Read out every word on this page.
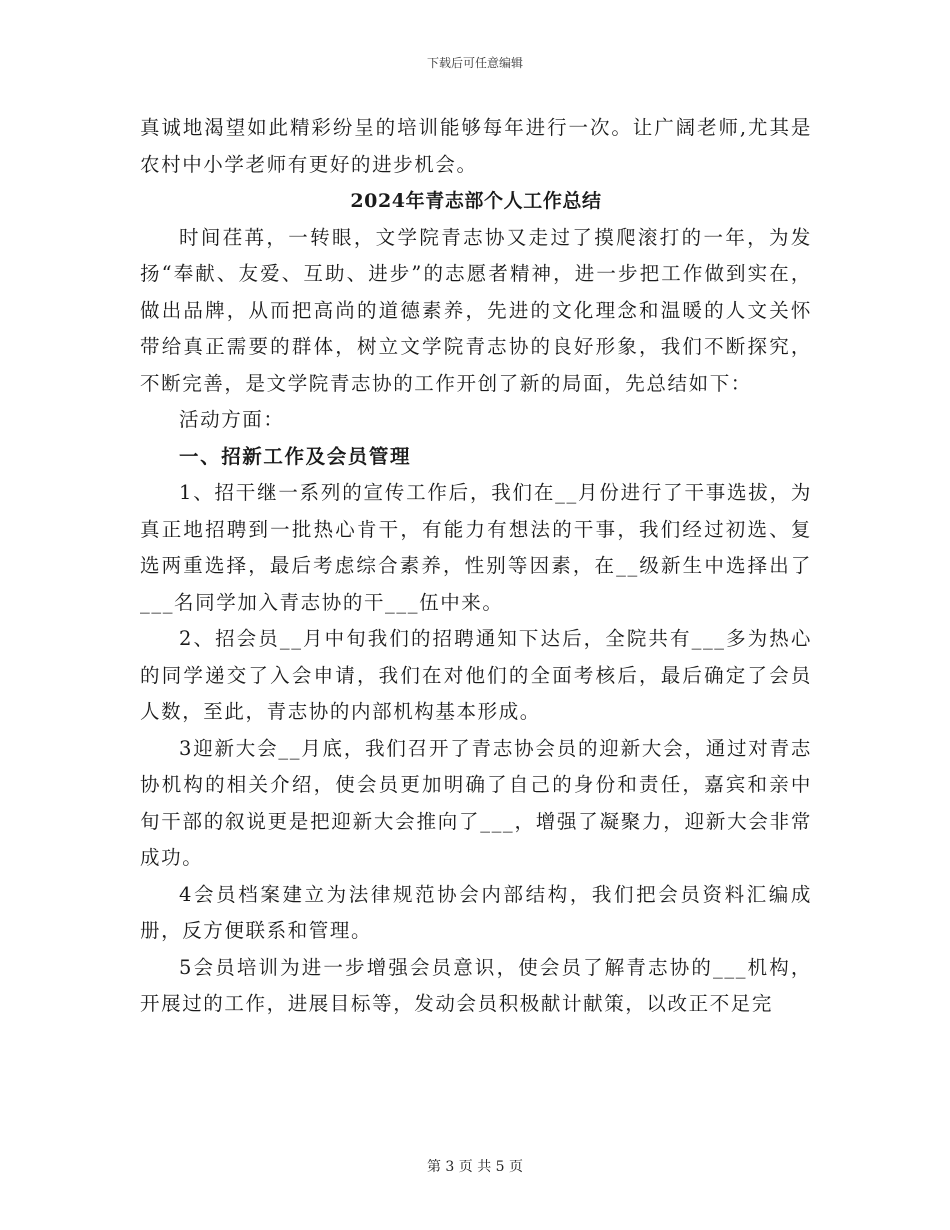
下载后可任意编辑

真诚地渴望如此精彩纷呈的培训能够每年进行一次。让广阔老师,尤其是农村中小学老师有更好的进步机会。

2024年青志部个人工作总结

时间荏苒，一转眼，文学院青志协又走过了摸爬滚打的一年，为发扬“奉献、友爱、互助、进步”的志愿者精神，进一步把工作做到实在，做出品牌，从而把高尚的道德素养，先进的文化理念和温暖的人文关怀带给真正需要的群体，树立文学院青志协的良好形象，我们不断探究，不断完善，是文学院青志协的工作开创了新的局面，先总结如下：

活动方面：

一、招新工作及会员管理

1、招干继一系列的宣传工作后，我们在__月份进行了干事选拔，为真正地招聘到一批热心肯干，有能力有想法的干事，我们经过初选、复选两重选择，最后考虑综合素养，性别等因素，在__级新生中选择出了___名同学加入青志协的干___伍中来。

2、招会员__月中旬我们的招聘通知下达后，全院共有___多为热心的同学递交了入会申请，我们在对他们的全面考核后，最后确定了会员人数，至此，青志协的内部机构基本形成。

3迎新大会__月底，我们召开了青志协会员的迎新大会，通过对青志协机构的相关介绍，使会员更加明确了自己的身份和责任，嘉宾和亲中旬干部的叙说更是把迎新大会推向了___，增强了凝聚力，迎新大会非常成功。

4会员档案建立为法律规范协会内部结构，我们把会员资料汇编成册，反方便联系和管理。

5会员培训为进一步增强会员意识，使会员了解青志协的___机构，开展过的工作，进展目标等，发动会员积极献计献策，以改正不足完

第 3 页 共 5 页
